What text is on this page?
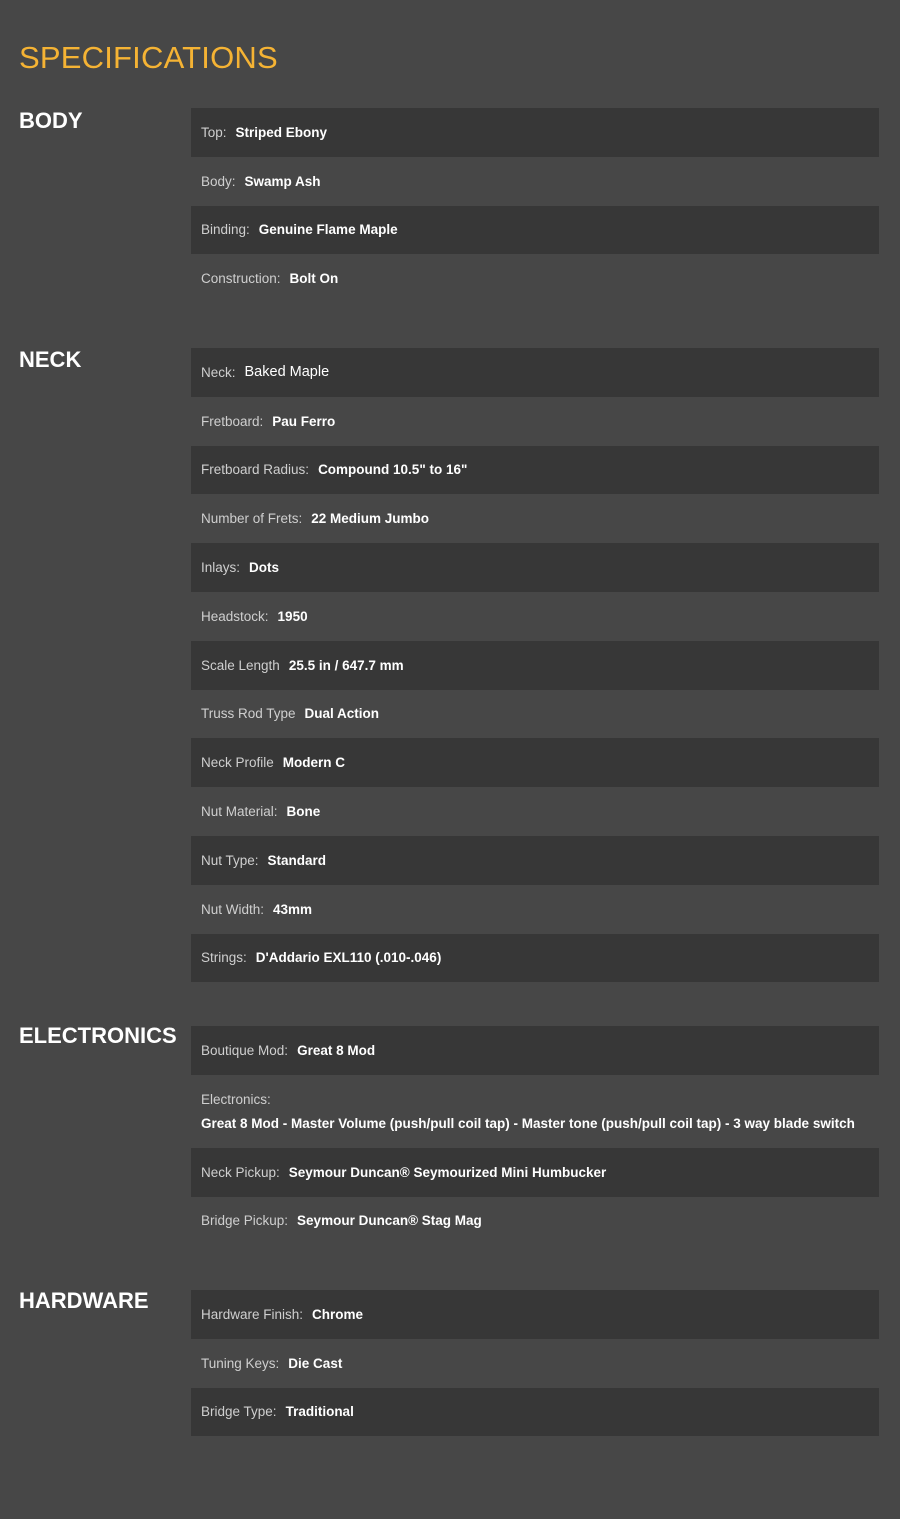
SPECIFICATIONS
BODY	Top: Striped Ebony
Body: Swamp Ash
Binding: Genuine Flame Maple
Construction: Bolt On
NECK
Neck: Baked Maple
Fretboard: Pau Ferro
Fretboard Radius: Compound 10.5" to 16"
Number of Frets: 22 Medium Jumbo
Inlays: Dots
Headstock: 1950
Scale Length 25.5 in / 647.7 mm
Truss Rod Type Dual Action
Neck Profile Modern C
Nut Material: Bone
Nut Type: Standard
Nut Width: 43mm
Strings: D'Addario EXL110 (.010-.046)
ELECTRONICS
Boutique Mod: Great 8 Mod
Electronics:
Great 8 Mod - Master Volume (push/pull coil tap) - Master tone (push/pull coil tap) - 3 way blade switch
Neck Pickup: Seymour Duncan® Seymourized Mini Humbucker
Bridge Pickup: Seymour Duncan® Stag Mag
HARDWARE
Hardware Finish: Chrome
Tuning Keys: Die Cast
Bridge Type: Traditional
